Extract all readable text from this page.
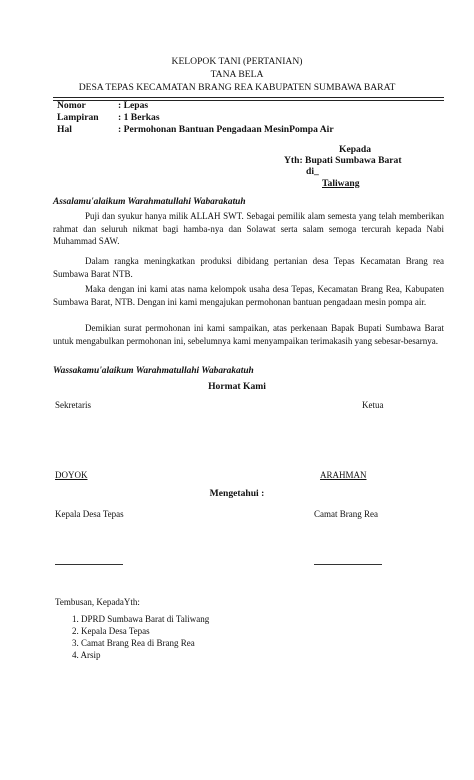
KELOPOK TANI (PERTANIAN)
TANA BELA
DESA TEPAS KECAMATAN BRANG REA KABUPATEN SUMBAWA BARAT
Nomor	: Lepas
Lampiran : 1 Berkas
Hal	: Permohonan Bantuan Pengadaan MesinPompa Air
Kepada
Yth: Bupati Sumbawa Barat
di_
Taliwang
Assalamu'alaikum Warahmatullahi Wabarakatuh
Puji dan syukur hanya milik ALLAH SWT. Sebagai pemilik alam semesta yang telah memberikan rahmat dan seluruh nikmat bagi hamba-nya dan Solawat serta salam semoga tercurah kepada Nabi Muhammad SAW.
Dalam rangka meningkatkan produksi dibidang pertanian desa Tepas Kecamatan Brang rea Sumbawa Barat NTB.
Maka dengan ini kami atas nama kelompok usaha desa Tepas, Kecamatan Brang Rea, Kabupaten Sumbawa Barat, NTB. Dengan ini kami mengajukan permohonan bantuan pengadaan mesin pompa air.
Demikian surat permohonan ini kami sampaikan, atas perkenaan Bapak Bupati Sumbawa Barat untuk mengabulkan permohonan ini, sebelumnya kami menyampaikan terimakasih yang sebesar-besarnya.
Wassakamu'alaikum Warahmatullahi Wabarakatuh
Hormat Kami
Sekretaris	Ketua
DOYOK	ARAHMAN
Mengetahui :
Kepala Desa Tepas	Camat Brang Rea
Tembusan, KepadaYth:
1. DPRD Sumbawa Barat di Taliwang
2. Kepala Desa Tepas
3. Camat Brang Rea di Brang Rea
4. Arsip
